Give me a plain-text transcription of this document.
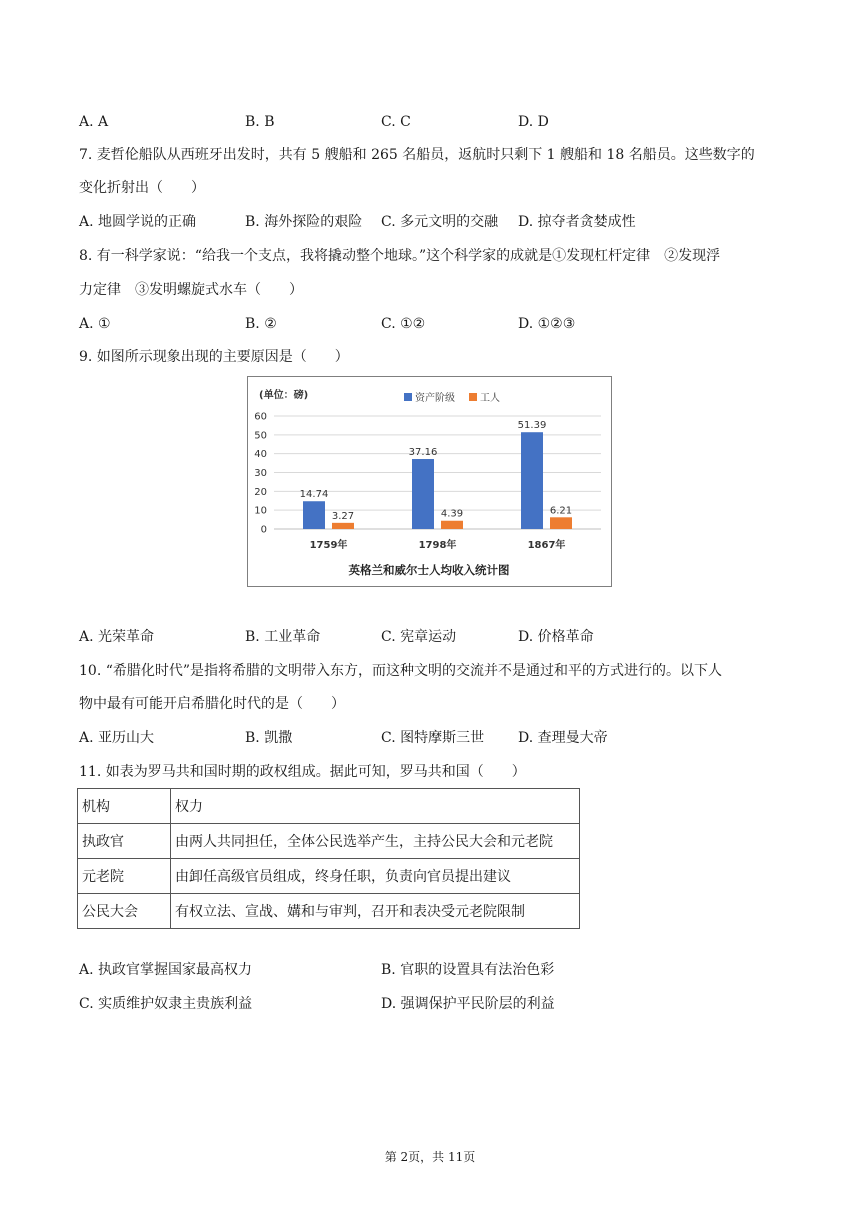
A. A	B. B	C. C	D. D
7. 麦哲伦船队从西班牙出发时，共有 5 艘船和 265 名船员，返航时只剩下 1 艘船和 18 名船员。这些数字的
变化折射出（　　）
A. 地圆学说的正确	B. 海外探险的艰险 C. 多元文明的交融 D. 掠夺者贪婪成性
8. 有一科学家说：“给我一个支点，我将撬动整个地球。”这个科学家的成就是①发现杠杆定律　②发现浮
力定律　③发明螺旋式水车（　　）
A. ①	B. ②	C. ①②	D. ①②③
9. 如图所示现象出现的主要原因是（　　）
(单位：磅)	资产阶级	工人
0
10
20
30
40
50
60
14.74
3.27
37.16
4.39
51.39
6.21
1759年	1798年	1867年
英格兰和威尔士人均收入统计图
A. 光荣革命	B. 工业革命	C. 宪章运动	D. 价格革命
10. “希腊化时代”是指将希腊的文明带入东方，而这种文明的交流并不是通过和平的方式进行的。以下人
物中最有可能开启希腊化时代的是（　　）
A. 亚历山大	B. 凯撒	C. 图特摩斯三世 D. 查理曼大帝
11. 如表为罗马共和国时期的政权组成。据此可知，罗马共和国（　　）
机构	权力
执政官	由两人共同担任，全体公民选举产生，主持公民大会和元老院
元老院	由卸任高级官员组成，终身任职，负责向官员提出建议
公民大会	有权立法、宣战、媾和与审判，召开和表决受元老院限制
A. 执政官掌握国家最高权力	B. 官职的设置具有法治色彩
C. 实质维护奴隶主贵族利益	D. 强调保护平民阶层的利益
第 2页，共 11页
